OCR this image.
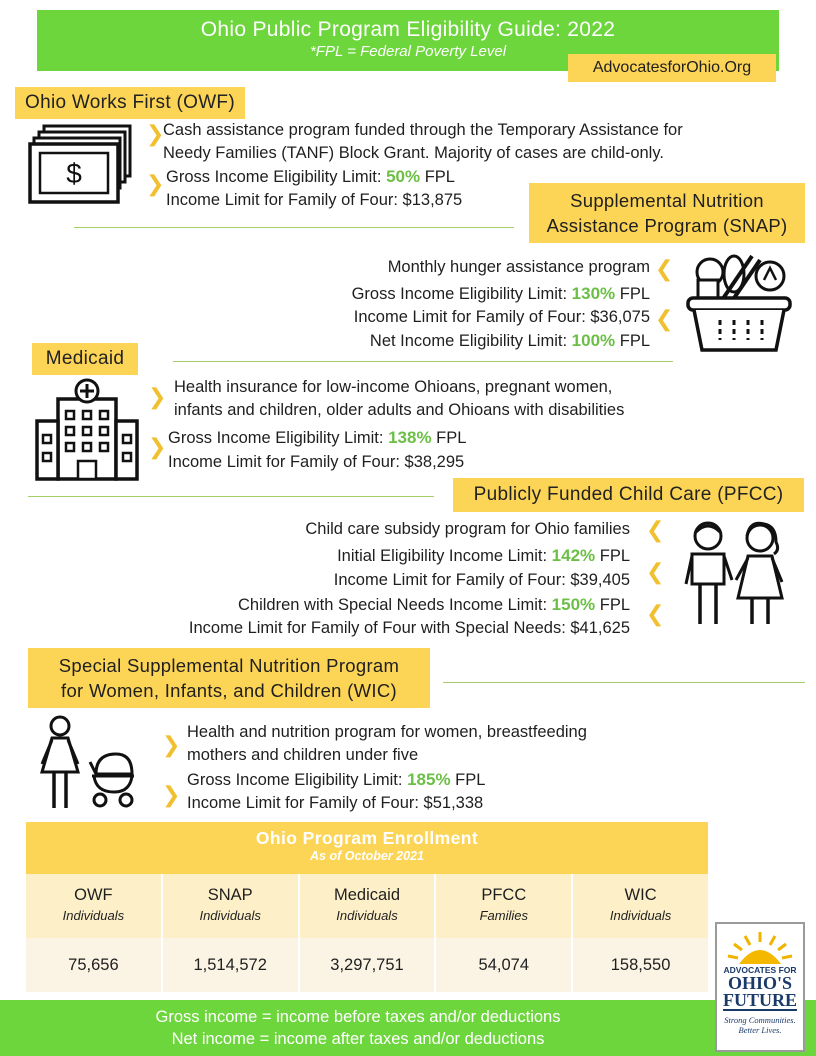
Ohio Public Program Eligibility Guide: 2022
*FPL = Federal Poverty Level
AdvocatesforOhio.Org
Ohio Works First (OWF)
$
❯
Cash assistance program funded through the Temporary Assistance for
Needy Families (TANF) Block Grant. Majority of cases are child-only.
❯ Gross Income Eligibility Limit: 50% FPL
Income Limit for Family of Four: $13,875	Supplemental Nutrition
Assistance Program (SNAP)
Monthly hunger assistance program ❮
Gross Income Eligibility Limit: 130% FPL
Income Limit for Family of Four: $36,075 ❮
Net Income Eligibility Limit: 100% FPL
Medicaid
❯ Health insurance for low-income Ohioans, pregnant women,
infants and children, older adults and Ohioans with disabilities
❯ Gross Income Eligibility Limit: 138% FPL
Income Limit for Family of Four: $38,295
Publicly Funded Child Care (PFCC)
Child care subsidy program for Ohio families ❮
Initial Eligibility Income Limit: 142% FPL
❮
Income Limit for Family of Four: $39,405
Children with Special Needs Income Limit: 150% FPL ❮
Income Limit for Family of Four with Special Needs: $41,625
Special Supplemental Nutrition Program
for Women, Infants, and Children (WIC)
❯ Health and nutrition program for women, breastfeeding
mothers and children under five
❯
Gross Income Eligibility Limit: 185% FPL
Income Limit for Family of Four: $51,338
Ohio Program Enrollment
As of October 2021
OWF
Individuals
75,656
SNAP
Individuals
1,514,572
Medicaid
Individuals
3,297,751
PFCC
Families
54,074
WIC
Individuals
158,550
Gross income = income before taxes and/or deductions
Net income = income after taxes and/or deductions
ADVOCATES FOR
OHIO'S
FUTURE
Strong Communities.
Better Lives.
